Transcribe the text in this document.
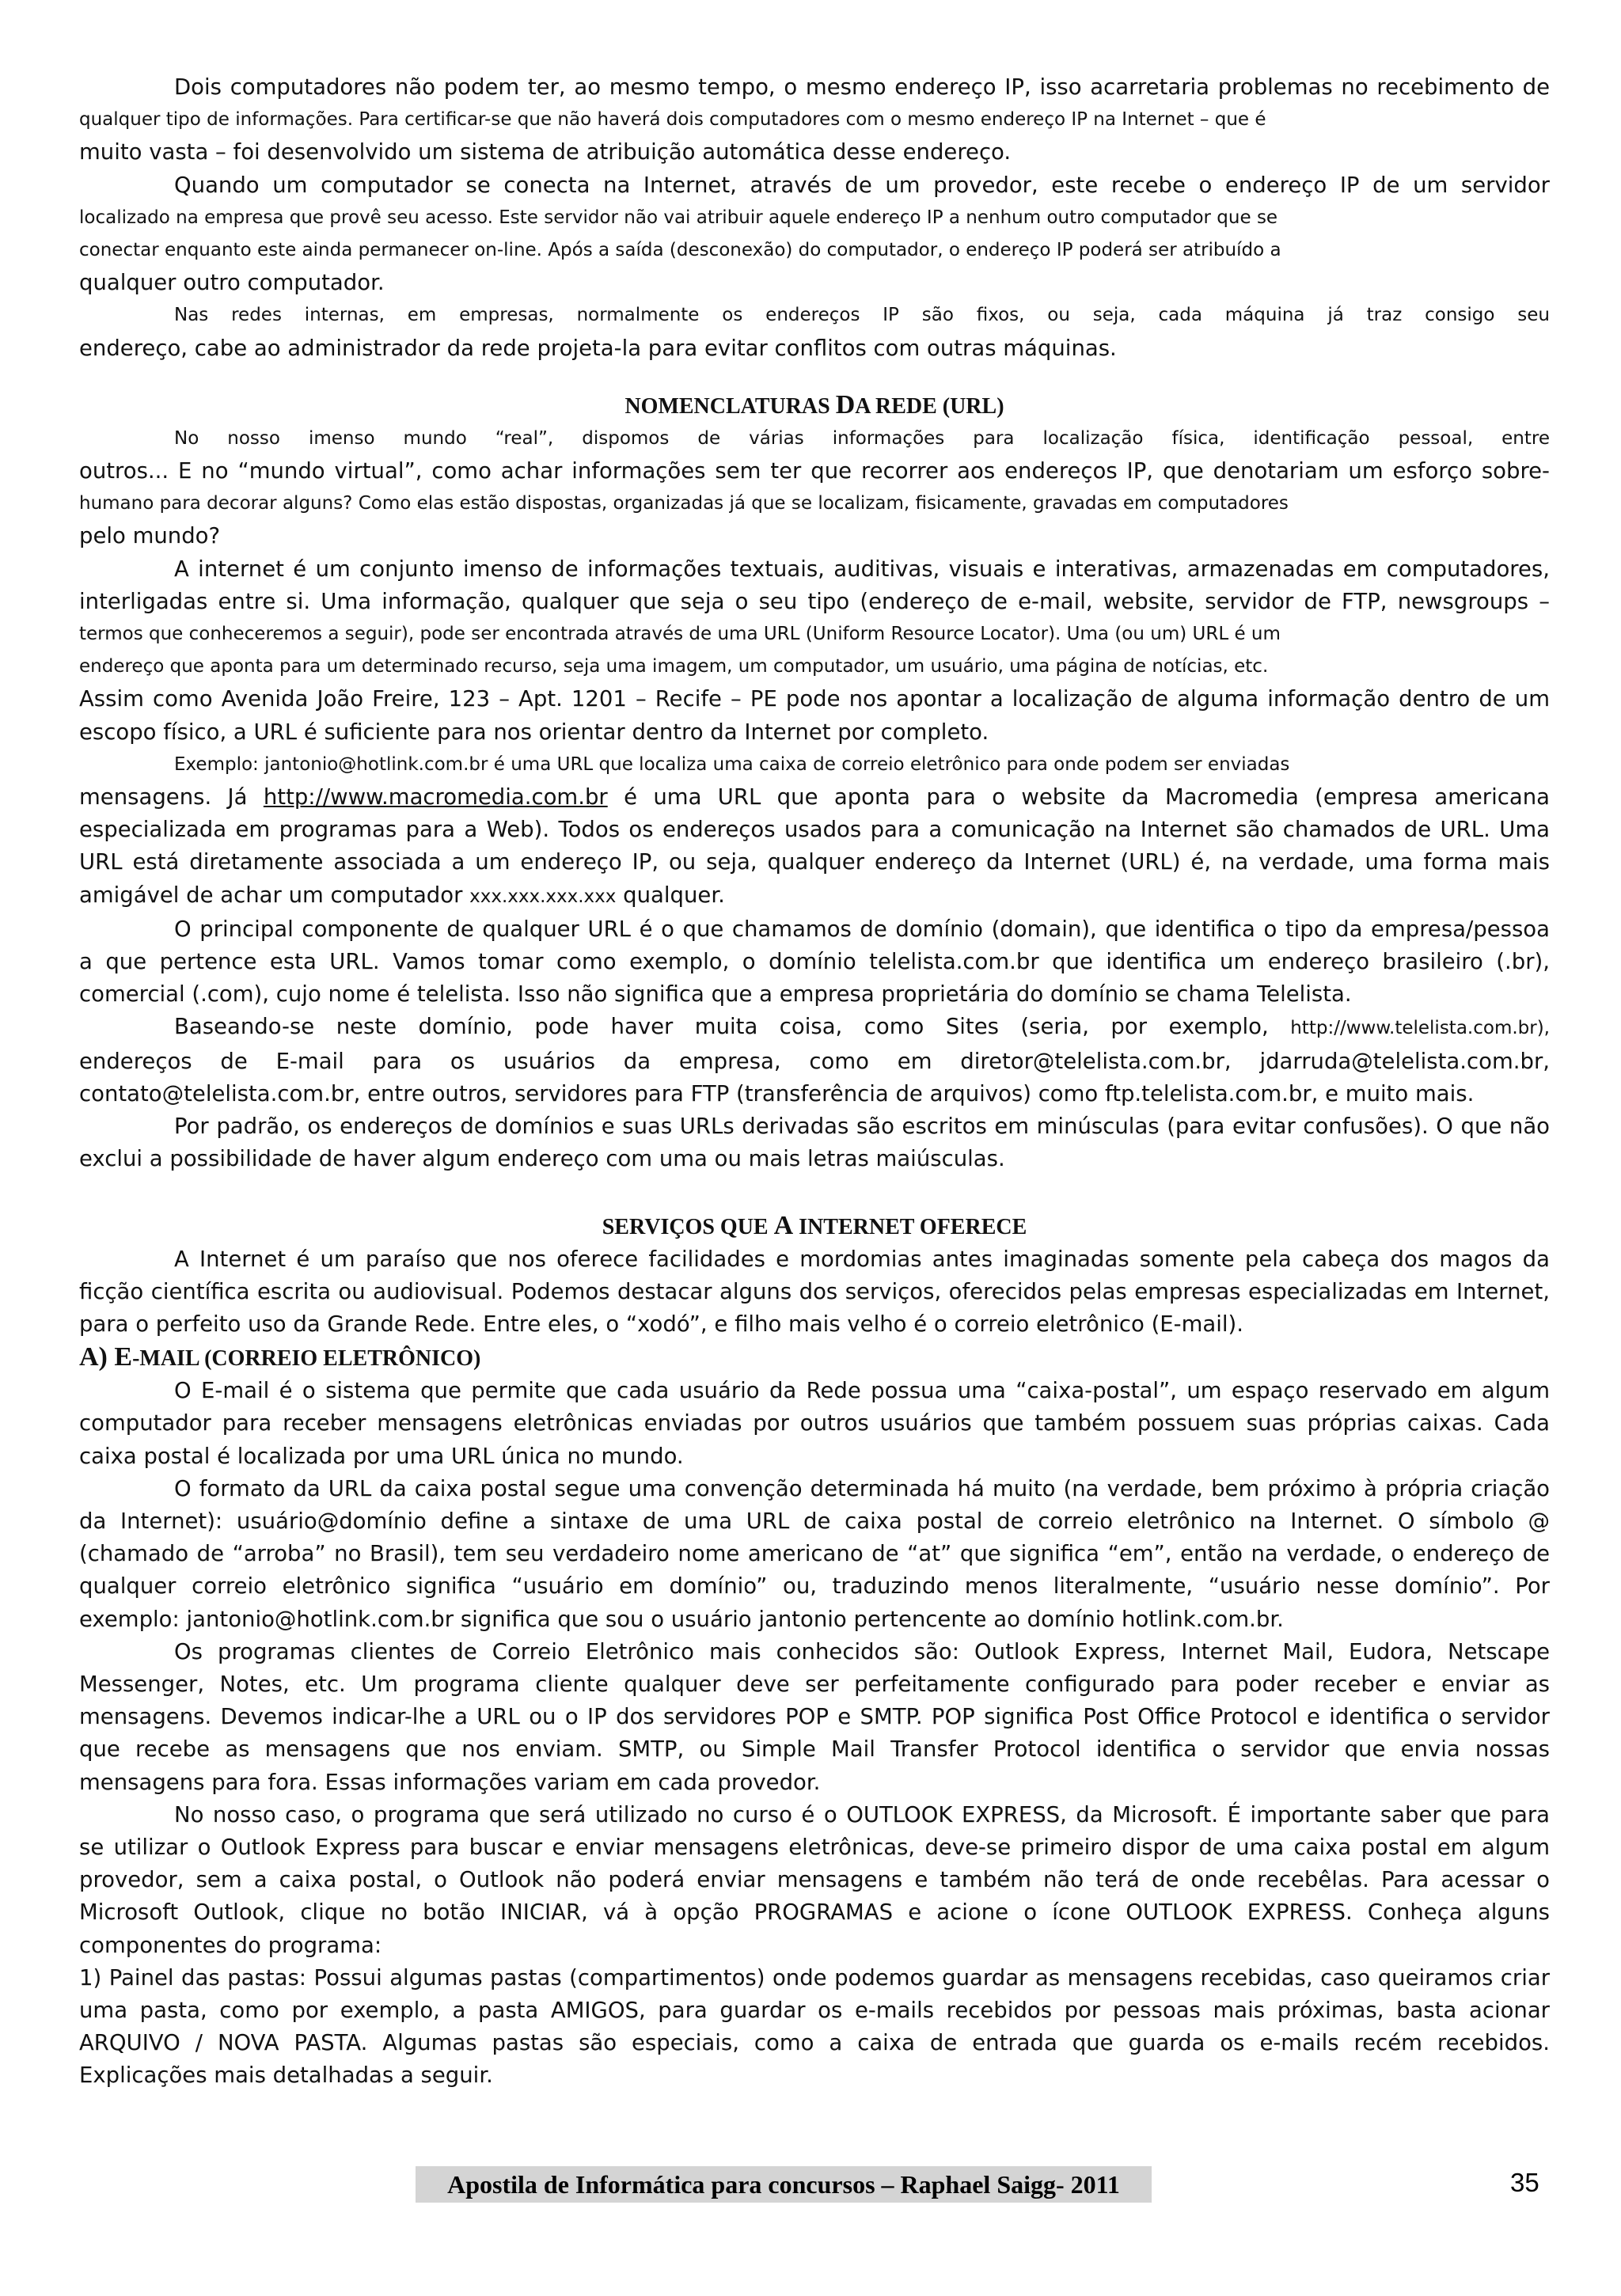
Dois computadores não podem ter, ao mesmo tempo, o mesmo endereço IP, isso acarretaria problemas no recebimento de

qualquer tipo de informações. Para certificar-se que não haverá dois computadores com o mesmo endereço IP na Internet – que é

muito vasta – foi desenvolvido um sistema de atribuição automática desse endereço.

Quando um computador se conecta na Internet, através de um provedor, este recebe o endereço IP de um servidor

localizado na empresa que provê seu acesso. Este servidor não vai atribuir aquele endereço IP a nenhum outro computador que se

conectar enquanto este ainda permanecer on-line. Após a saída (desconexão) do computador, o endereço IP poderá ser atribuído a

qualquer outro computador.

Nas redes internas, em empresas, normalmente os endereços IP são fixos, ou seja, cada máquina já traz consigo seu

endereço, cabe ao administrador da rede projeta-la para evitar conflitos com outras máquinas.

NOMENCLATURAS DA REDE (URL)

No nosso imenso mundo “real”, dispomos de várias informações para localização física, identificação pessoal, entre

outros... E no “mundo virtual”, como achar informações sem ter que recorrer aos endereços IP, que denotariam um esforço sobre-

humano para decorar alguns? Como elas estão dispostas, organizadas já que se localizam, fisicamente, gravadas em computadores

pelo mundo?

A internet é um conjunto imenso de informações textuais, auditivas, visuais e interativas, armazenadas em computadores,

interligadas entre si. Uma informação, qualquer que seja o seu tipo (endereço de e-mail, website, servidor de FTP, newsgroups –

termos que conheceremos a seguir), pode ser encontrada através de uma URL (Uniform Resource Locator). Uma (ou um) URL é um

endereço que aponta para um determinado recurso, seja uma imagem, um computador, um usuário, uma página de notícias, etc.

Assim como Avenida João Freire, 123 – Apt. 1201 – Recife – PE pode nos apontar a localização de alguma informação dentro de um

escopo físico, a URL é suficiente para nos orientar dentro da Internet por completo.

Exemplo: jantonio@hotlink.com.br é uma URL que localiza uma caixa de correio eletrônico para onde podem ser enviadas

mensagens. Já http://www.macromedia.com.br é uma URL que aponta para o website da Macromedia (empresa americana

especializada em programas para a Web). Todos os endereços usados para a comunicação na Internet são chamados de URL. Uma

URL está diretamente associada a um endereço IP, ou seja, qualquer endereço da Internet (URL) é, na verdade, uma forma mais

amigável de achar um computador xxx.xxx.xxx.xxx qualquer.

O principal componente de qualquer URL é o que chamamos de domínio (domain), que identifica o tipo da empresa/pessoa

a que pertence esta URL. Vamos tomar como exemplo, o domínio telelista.com.br que identifica um endereço brasileiro (.br),

comercial (.com), cujo nome é telelista. Isso não significa que a empresa proprietária do domínio se chama Telelista.

Baseando-se neste domínio, pode haver muita coisa, como Sites (seria, por exemplo, http://www.telelista.com.br),

endereços de E-mail para os usuários da empresa, como em diretor@telelista.com.br, jdarruda@telelista.com.br,

contato@telelista.com.br, entre outros, servidores para FTP (transferência de arquivos) como ftp.telelista.com.br, e muito mais.

Por padrão, os endereços de domínios e suas URLs derivadas são escritos em minúsculas (para evitar confusões). O que não

exclui a possibilidade de haver algum endereço com uma ou mais letras maiúsculas.

SERVIÇOS QUE A INTERNET OFERECE

A Internet é um paraíso que nos oferece facilidades e mordomias antes imaginadas somente pela cabeça dos magos da

ficção científica escrita ou audiovisual. Podemos destacar alguns dos serviços, oferecidos pelas empresas especializadas em Internet,

para o perfeito uso da Grande Rede. Entre eles, o “xodó”, e filho mais velho é o correio eletrônico (E-mail).

A) E-MAIL (CORREIO ELETRÔNICO)

O E-mail é o sistema que permite que cada usuário da Rede possua uma “caixa-postal”, um espaço reservado em algum

computador para receber mensagens eletrônicas enviadas por outros usuários que também possuem suas próprias caixas. Cada

caixa postal é localizada por uma URL única no mundo.

O formato da URL da caixa postal segue uma convenção determinada há muito (na verdade, bem próximo à própria criação

da Internet): usuário@domínio define a sintaxe de uma URL de caixa postal de correio eletrônico na Internet. O símbolo @

(chamado de “arroba” no Brasil), tem seu verdadeiro nome americano de “at” que significa “em”, então na verdade, o endereço de

qualquer correio eletrônico significa “usuário em domínio” ou, traduzindo menos literalmente, “usuário nesse domínio”. Por

exemplo: jantonio@hotlink.com.br significa que sou o usuário jantonio pertencente ao domínio hotlink.com.br.

Os programas clientes de Correio Eletrônico mais conhecidos são: Outlook Express, Internet Mail, Eudora, Netscape

Messenger, Notes, etc. Um programa cliente qualquer deve ser perfeitamente configurado para poder receber e enviar as

mensagens. Devemos indicar-lhe a URL ou o IP dos servidores POP e SMTP. POP significa Post Office Protocol e identifica o servidor

que recebe as mensagens que nos enviam. SMTP, ou Simple Mail Transfer Protocol identifica o servidor que envia nossas

mensagens para fora. Essas informações variam em cada provedor.

No nosso caso, o programa que será utilizado no curso é o OUTLOOK EXPRESS, da Microsoft. É importante saber que para

se utilizar o Outlook Express para buscar e enviar mensagens eletrônicas, deve-se primeiro dispor de uma caixa postal em algum

provedor, sem a caixa postal, o Outlook não poderá enviar mensagens e também não terá de onde recebêlas. Para acessar o

Microsoft Outlook, clique no botão INICIAR, vá à opção PROGRAMAS e acione o ícone OUTLOOK EXPRESS. Conheça alguns

componentes do programa:

1) Painel das pastas: Possui algumas pastas (compartimentos) onde podemos guardar as mensagens recebidas, caso queiramos criar

uma pasta, como por exemplo, a pasta AMIGOS, para guardar os e-mails recebidos por pessoas mais próximas, basta acionar

ARQUIVO / NOVA PASTA. Algumas pastas são especiais, como a caixa de entrada que guarda os e-mails recém recebidos.

Explicações mais detalhadas a seguir.

Apostila de Informática para concursos – Raphael Saigg- 2011	35
